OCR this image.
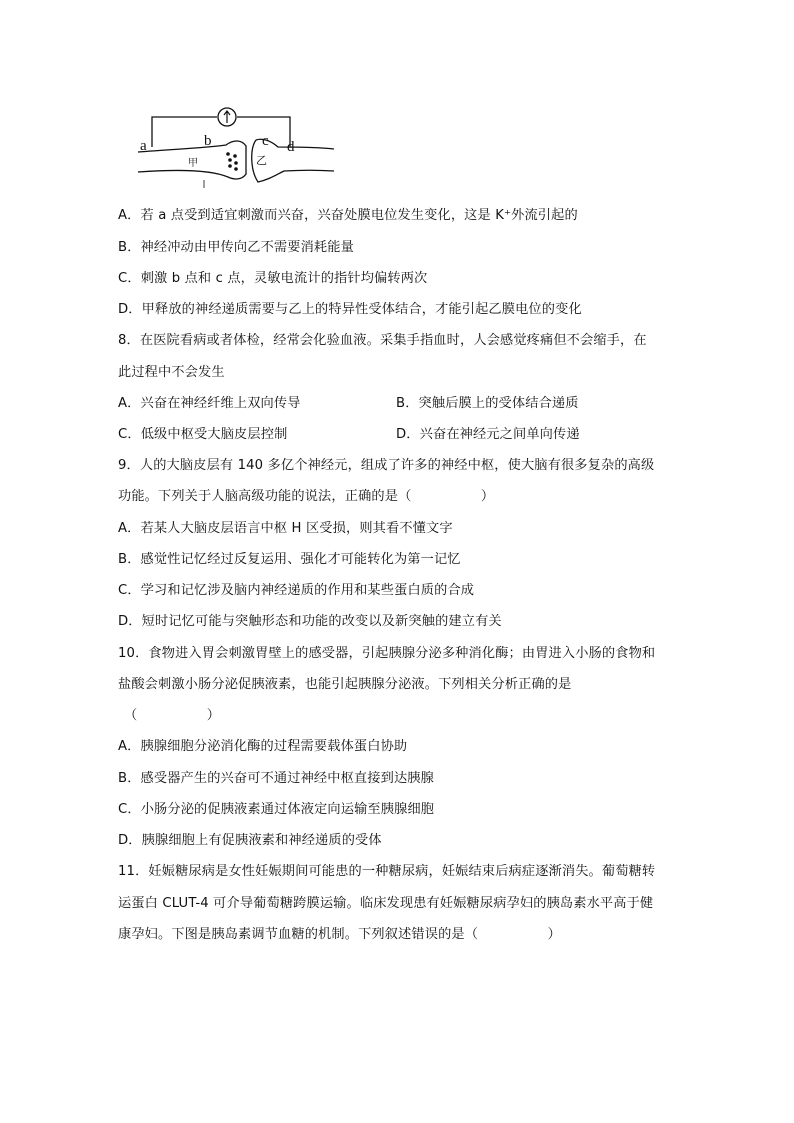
a	b	c d
甲	乙
A．若 a 点受到适宜刺激而兴奋，兴奋处膜电位发生变化，这是 K⁺外流引起的
B．神经冲动由甲传向乙不需要消耗能量
C．刺激 b 点和 c 点，灵敏电流计的指针均偏转两次
D．甲释放的神经递质需要与乙上的特异性受体结合，才能引起乙膜电位的变化
8．在医院看病或者体检，经常会化验血液。采集手指血时，人会感觉疼痛但不会缩手，在
此过程中不会发生
A．兴奋在神经纤维上双向传导	B．突触后膜上的受体结合递质
C．低级中枢受大脑皮层控制	D．兴奋在神经元之间单向传递
9．人的大脑皮层有 140 多亿个神经元，组成了许多的神经中枢，使大脑有很多复杂的高级
功能。下列关于人脑高级功能的说法，正确的是（                ）
A．若某人大脑皮层语言中枢 H 区受损，则其看不懂文字
B．感觉性记忆经过反复运用、强化才可能转化为第一记忆
C．学习和记忆涉及脑内神经递质的作用和某些蛋白质的合成
D．短时记忆可能与突触形态和功能的改变以及新突触的建立有关
10．食物进入胃会刺激胃壁上的感受器，引起胰腺分泌多种消化酶；由胃进入小肠的食物和
盐酸会刺激小肠分泌促胰液素，也能引起胰腺分泌液。下列相关分析正确的是
（                ）
A．胰腺细胞分泌消化酶的过程需要载体蛋白协助
B．感受器产生的兴奋可不通过神经中枢直接到达胰腺
C．小肠分泌的促胰液素通过体液定向运输至胰腺细胞
D．胰腺细胞上有促胰液素和神经递质的受体
11．妊娠糖尿病是女性妊娠期间可能患的一种糖尿病，妊娠结束后病症逐渐消失。葡萄糖转
运蛋白 CLUT-4 可介导葡萄糖跨膜运输。临床发现患有妊娠糖尿病孕妇的胰岛素水平高于健
康孕妇。下图是胰岛素调节血糖的机制。下列叙述错误的是（                ）
